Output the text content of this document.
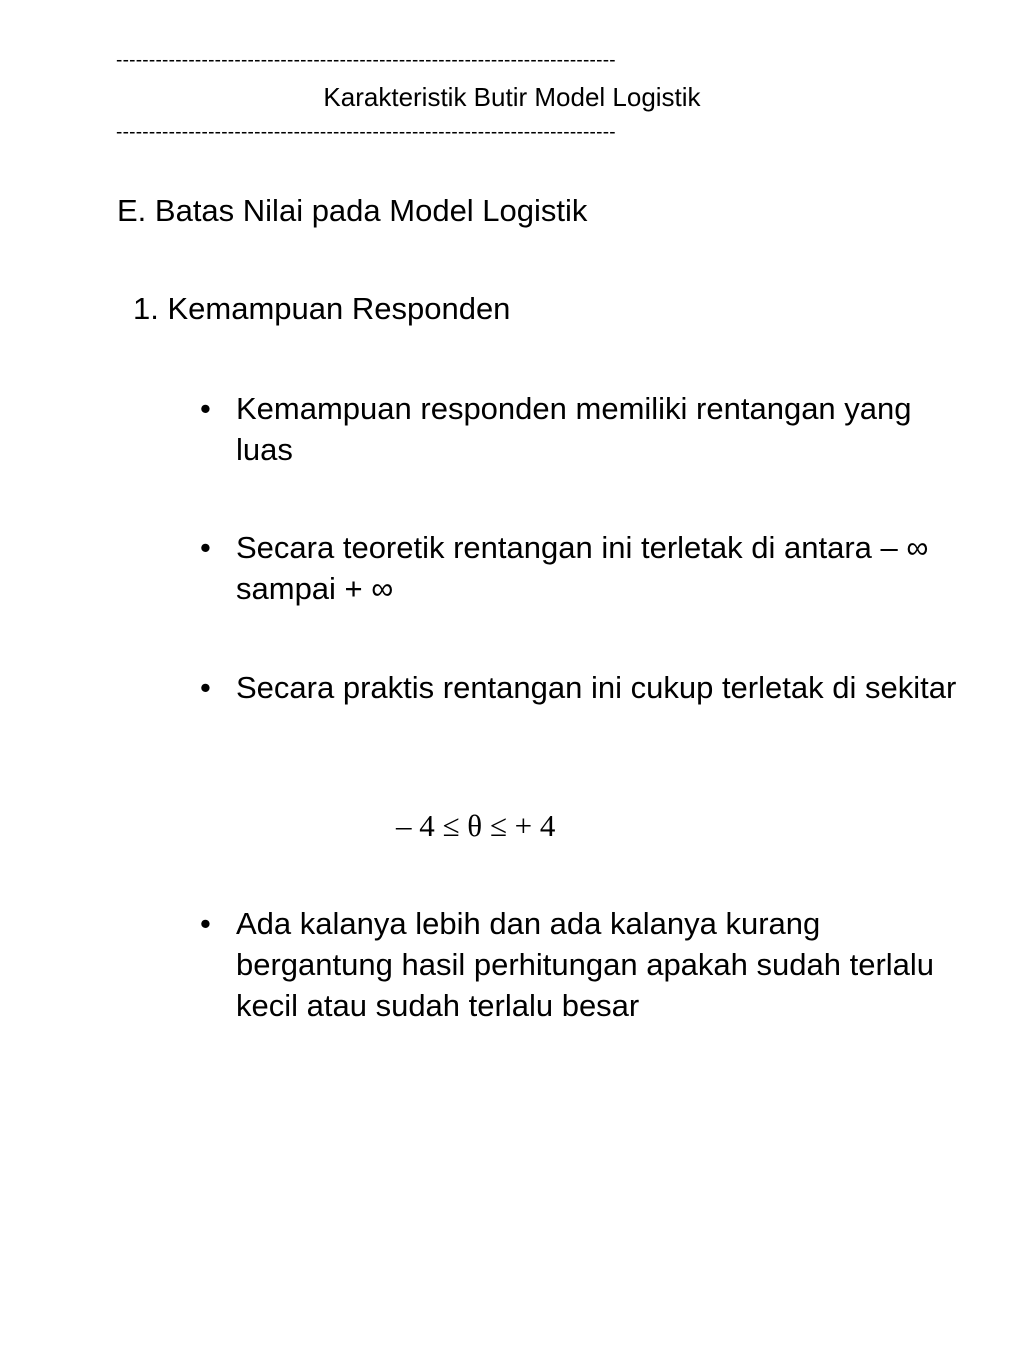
----------------------------------------------------------------------------
Karakteristik Butir Model Logistik
----------------------------------------------------------------------------
E. Batas Nilai pada Model Logistik
1. Kemampuan Responden
• Kemampuan responden memiliki rentangan yang luas
• Secara teoretik rentangan ini terletak di antara – ∞ sampai + ∞
• Secara praktis rentangan ini cukup terletak di sekitar
– 4 ≤ θ ≤ + 4
• Ada kalanya lebih dan ada kalanya kurang bergantung hasil perhitungan apakah sudah terlalu kecil atau sudah terlalu besar
